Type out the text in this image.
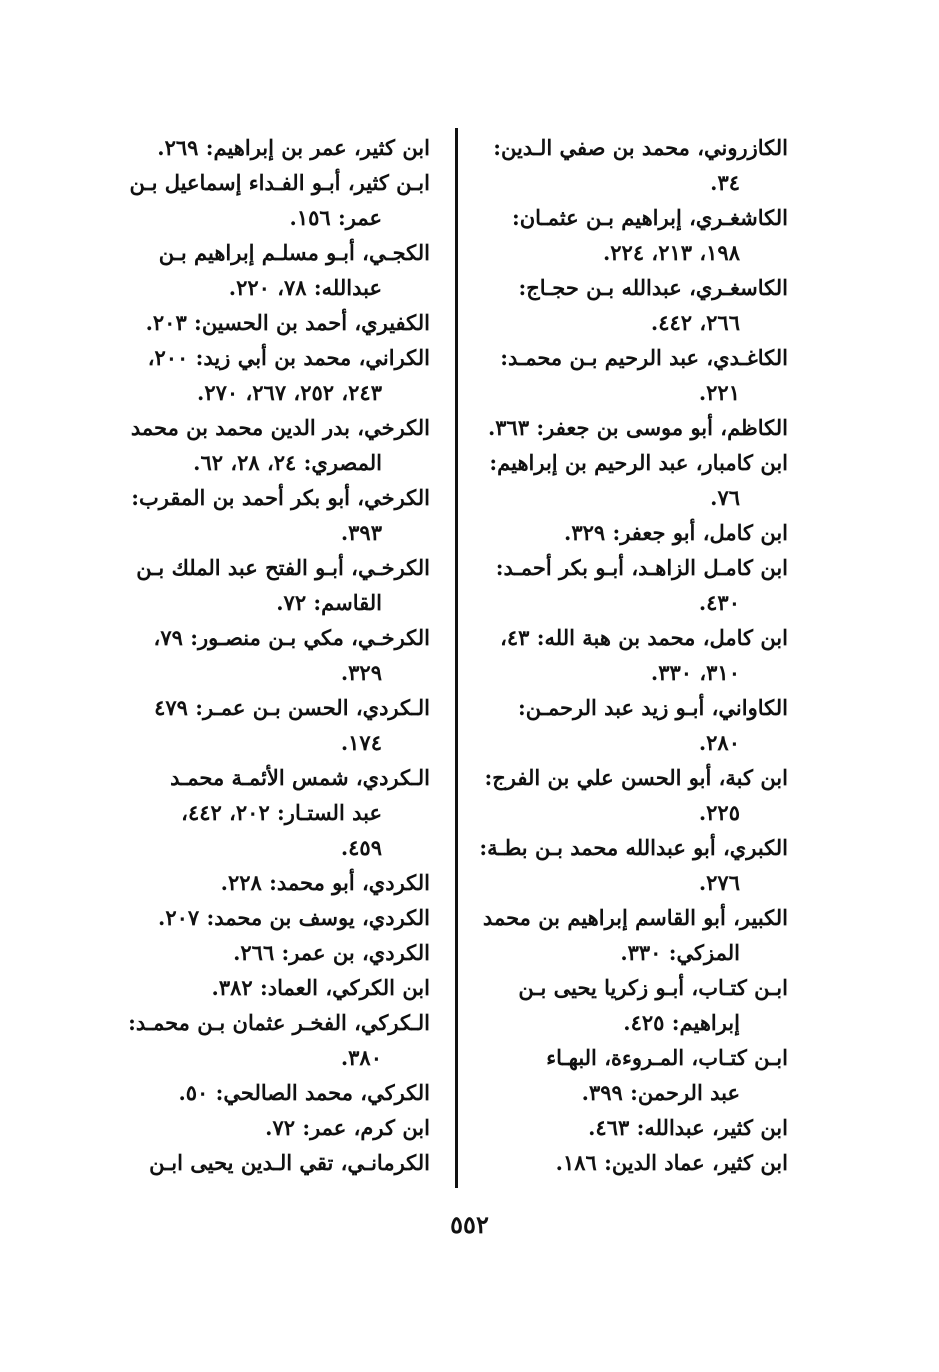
الكازروني، محمد بن صفي الـدين:
٣٤.
الكاشغـري، إبراهيم بـن عثمـان:
١٩٨، ٢١٣، ٢٢٤.
الكاسغـري، عبدالله بـن حجـاج:
٢٦٦، ٤٤٢.
الكاغـدي، عبد الرحيم بـن محمـد:
٢٢١.
الكاظم، أبو موسى بن جعفر: ٣٦٣.
ابن كامبار، عبد الرحيم بن إبراهيم:
٧٦.
ابن كامل، أبو جعفر: ٣٢٩.
ابن كامـل الزاهـد، أبـو بكر أحمـد:
٤٣٠.
ابن كامل، محمد بن هبة الله: ٤٣،
٣١٠، ٣٣٠.
الكاواني، أبـو زيد عبد الرحمـن:
٢٨٠.
ابن كبة، أبو الحسن علي بن الفرج:
٢٢٥.
الكبري، أبو عبدالله محمد بـن بطـة:
٢٧٦.
الكبير، أبو القاسم إبراهيم بن محمد
المزكي: ٣٣٠.
ابـن كتـاب، أبـو زكريا يحيى بـن
إبراهيم: ٤٢٥.
ابـن كتـاب، المـروءة، البهـاء
عبد الرحمن: ٣٩٩.
ابن كثير، عبدالله: ٤٦٣.
ابن كثير، عماد الدين: ١٨٦.
ابن كثير، عمر بن إبراهيم: ٢٦٩.
ابـن كثير، أبـو الفـداء إسماعيل بـن
عمر: ١٥٦.
الكجـي، أبـو مسلـم إبراهيم بـن
عبدالله: ٧٨، ٢٢٠.
الكفيري، أحمد بن الحسين: ٢٠٣.
الكراني، محمد بن أبي زيد: ٢٠٠،
٢٤٣، ٢٥٢، ٢٦٧، ٢٧٠.
الكرخي، بدر الدين محمد بن محمد
المصري: ٢٤، ٢٨، ٦٢.
الكرخي، أبو بكر أحمد بن المقرب:
٣٩٣.
الكرخـي، أبـو الفتح عبد الملك بـن
القاسم: ٧٢.
الكرخـي، مكي بـن منصـور: ٧٩،
٣٢٩.
الـكردي، الحسن بـن عمـر: ٤٧٩
١٧٤.
الـكردي، شمس الأئمـة محمـد
عبد الستـار: ٢٠٢، ٤٤٢،
٤٥٩.
الكردي، أبو محمد: ٢٢٨.
الكردي، يوسف بن محمد: ٢٠٧.
الكردي، بن عمر: ٢٦٦.
ابن الكركي، العماد: ٣٨٢.
الـكركي، الفخـر عثمان بـن محمـد:
٣٨٠.
الكركي، محمد الصالحي: ٥٠.
ابن كرم، عمر: ٧٢.
الكرمانـي، تقي الـدين يحيى ابـن
٥٥٢
